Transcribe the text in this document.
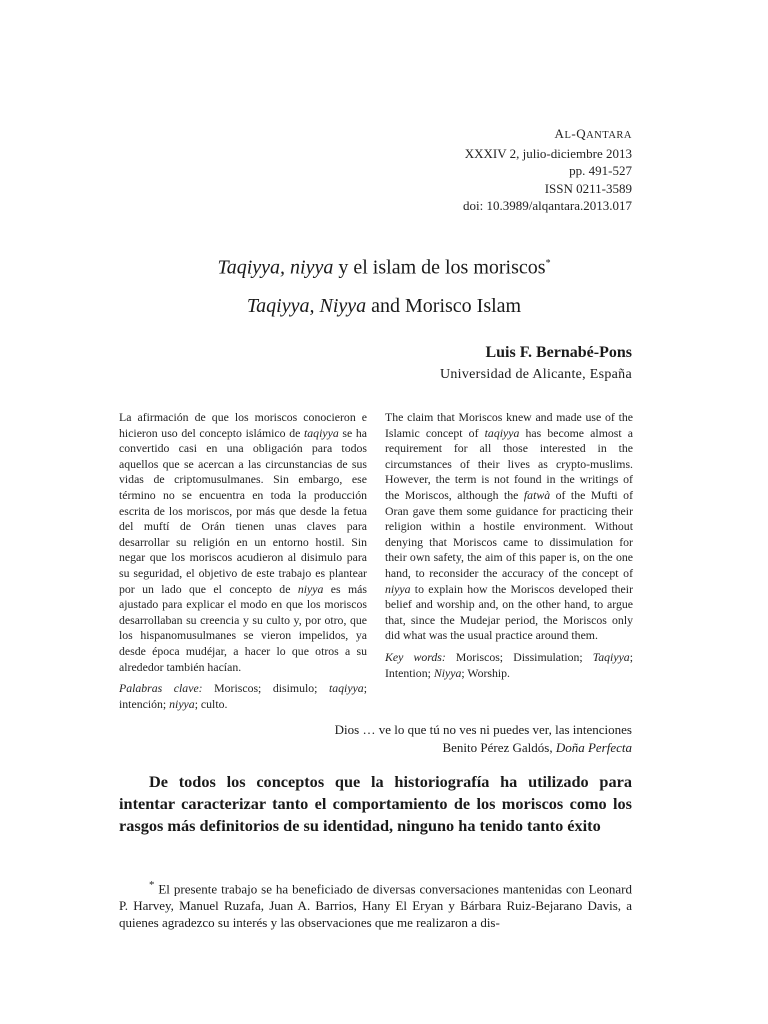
AL-QANTARA
XXXIV 2, julio-diciembre 2013
pp. 491-527
ISSN 0211-3589
doi: 10.3989/alqantara.2013.017
Taqiyya, niyya y el islam de los moriscos*
Taqiyya, Niyya and Morisco Islam
Luis F. Bernabé-Pons
Universidad de Alicante, España

La afirmación de que los moriscos conocieron e hicieron uso del concepto islámico de taqiyya se ha convertido casi en una obligación para todos aquellos que se acercan a las circunstancias de sus vidas de criptomusulmanes. Sin embargo, ese término no se encuentra en toda la producción escrita de los moriscos, por más que desde la fetua del muftí de Orán tienen unas claves para desarrollar su religión en un entorno hostil. Sin negar que los moriscos acudieron al disimulo para su seguridad, el objetivo de este trabajo es plantear por un lado que el concepto de niyya es más ajustado para explicar el modo en que los moriscos desarrollaban su creencia y su culto y, por otro, que los hispanomusulmanes se vieron impelidos, ya desde época mudéjar, a hacer lo que otros a su alrededor también hacían.

Palabras clave: Moriscos; disimulo; taqiyya; intención; niyya; culto.

The claim that Moriscos knew and made use of the Islamic concept of taqiyya has become almost a requirement for all those interested in the circumstances of their lives as crypto-muslims. However, the term is not found in the writings of the Moriscos, although the fatwà of the Mufti of Oran gave them some guidance for practicing their religion within a hostile environment. Without denying that Moriscos came to dissimulation for their own safety, the aim of this paper is, on the one hand, to reconsider the accuracy of the concept of niyya to explain how the Moriscos developed their belief and worship and, on the other hand, to argue that, since the Mudejar period, the Moriscos only did what was the usual practice around them.

Key words: Moriscos; Dissimulation; Taqiyya; Intention; Niyya; Worship.

Dios … ve lo que tú no ves ni puedes ver, las intenciones
Benito Pérez Galdós, Doña Perfecta

De todos los conceptos que la historiografía ha utilizado para intentar caracterizar tanto el comportamiento de los moriscos como los rasgos más definitorios de su identidad, ninguno ha tenido tanto éxito

* El presente trabajo se ha beneficiado de diversas conversaciones mantenidas con Leonard P. Harvey, Manuel Ruzafa, Juan A. Barrios, Hany El Eryan y Bárbara Ruiz-Bejarano Davis, a quienes agradezco su interés y las observaciones que me realizaron a dis-
